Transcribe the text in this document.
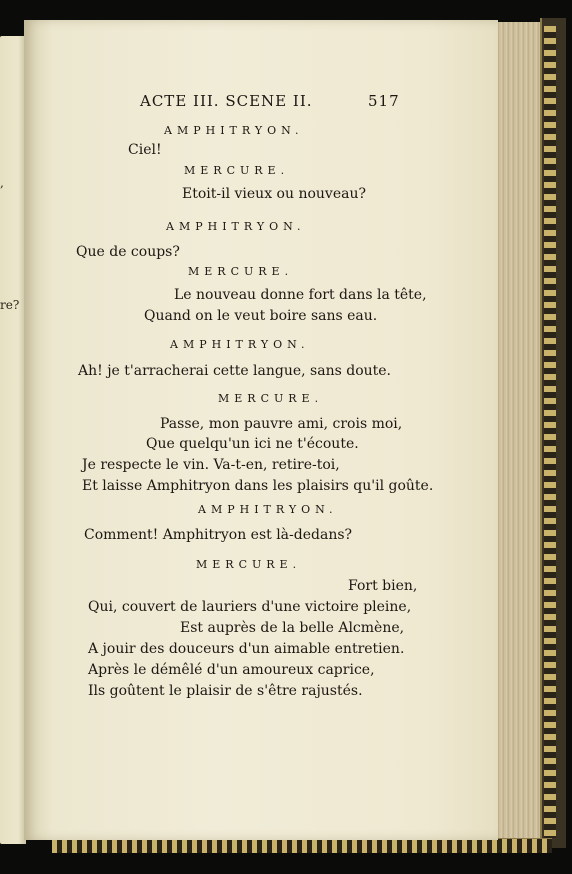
,
re?
ACTE III. SCENE II.	517
AMPHITRYON.
Ciel!
MERCURE.
Etoit-il vieux ou nouveau?
AMPHITRYON.
Que de coups?
MERCURE.
Le nouveau donne fort dans la tête,
Quand on le veut boire sans eau.
AMPHITRYON.
Ah! je t'arracherai cette langue, sans doute.
MERCURE.
Passe, mon pauvre ami, crois moi,
Que quelqu'un ici ne t'écoute.
Je respecte le vin. Va-t-en, retire-toi,
Et laisse Amphitryon dans les plaisirs qu'il goûte.
AMPHITRYON.
Comment! Amphitryon est là-dedans?
MERCURE.
Fort bien,
Qui, couvert de lauriers d'une victoire pleine,
Est auprès de la belle Alcmène,
A jouir des douceurs d'un aimable entretien.
Après le démêlé d'un amoureux caprice,
Ils goûtent le plaisir de s'être rajustés.
